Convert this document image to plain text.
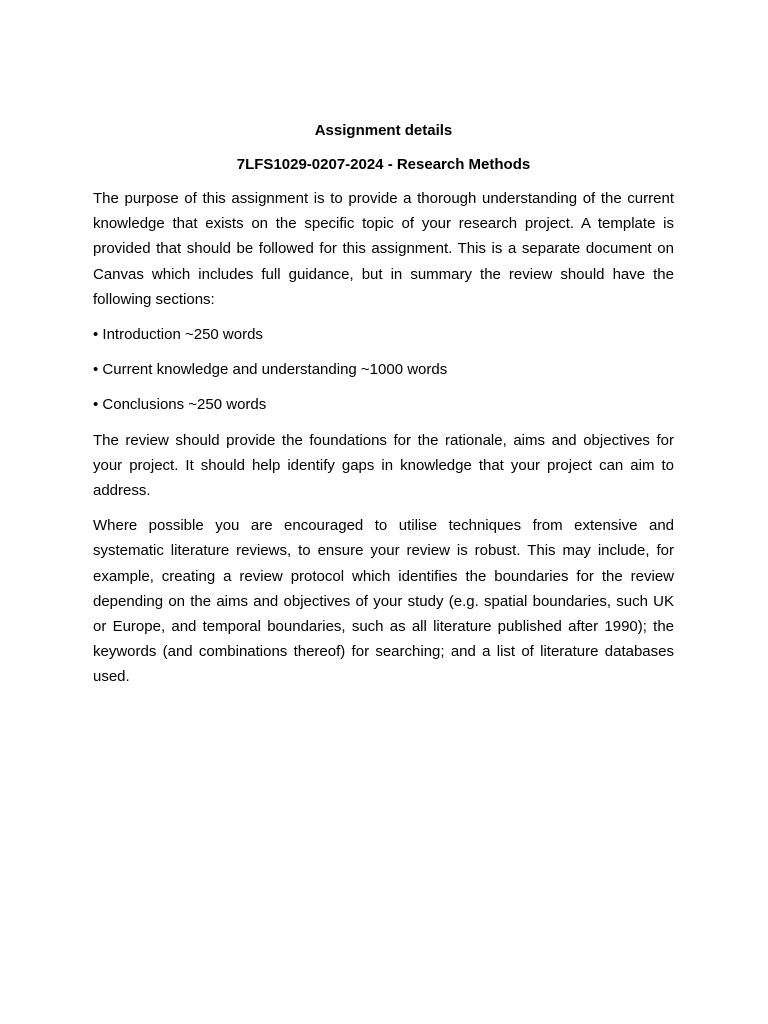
Assignment details

7LFS1029-0207-2024 - Research Methods

The purpose of this assignment is to provide a thorough understanding of the current knowledge that exists on the specific topic of your research project. A template is provided that should be followed for this assignment. This is a separate document on Canvas which includes full guidance, but in summary the review should have the following sections:

• Introduction ~250 words

• Current knowledge and understanding ~1000 words

• Conclusions ~250 words

The review should provide the foundations for the rationale, aims and objectives for your project. It should help identify gaps in knowledge that your project can aim to address.

Where possible you are encouraged to utilise techniques from extensive and systematic literature reviews, to ensure your review is robust. This may include, for example, creating a review protocol which identifies the boundaries for the review depending on the aims and objectives of your study (e.g. spatial boundaries, such UK or Europe, and temporal boundaries, such as all literature published after 1990); the keywords (and combinations thereof) for searching; and a list of literature databases used.
